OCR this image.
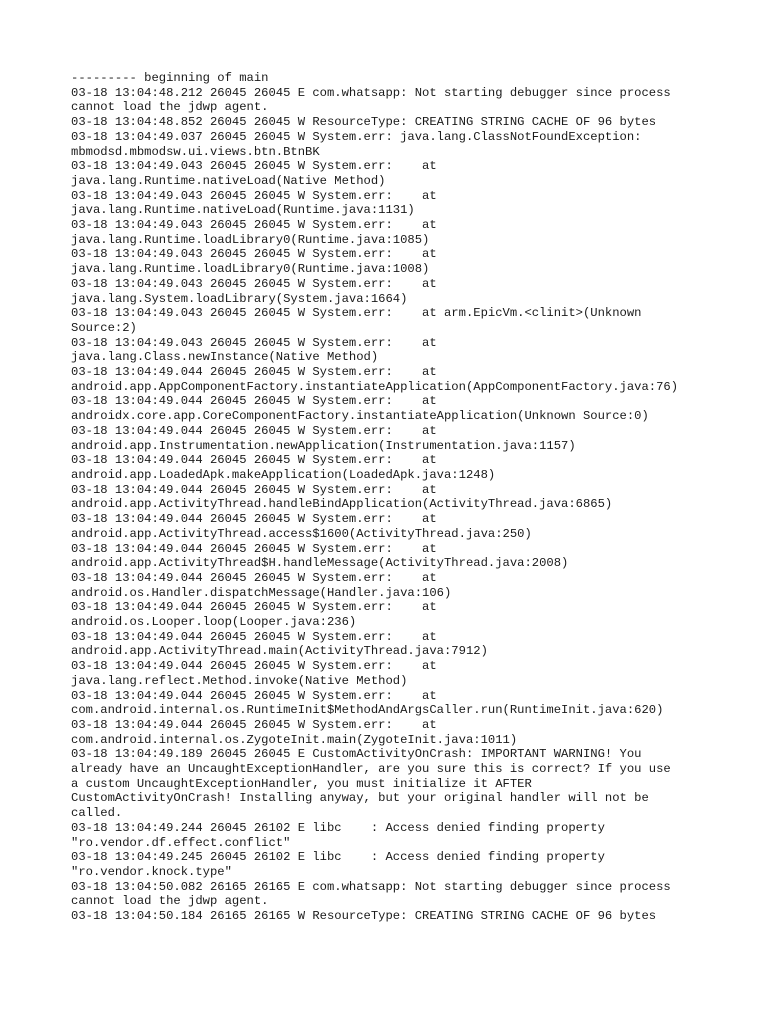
--------- beginning of main

03-18 13:04:48.212 26045 26045 E com.whatsapp: Not starting debugger since process

cannot load the jdwp agent.

03-18 13:04:48.852 26045 26045 W ResourceType: CREATING STRING CACHE OF 96 bytes

03-18 13:04:49.037 26045 26045 W System.err: java.lang.ClassNotFoundException:

mbmodsd.mbmodsw.ui.views.btn.BtnBK

03-18 13:04:49.043 26045 26045 W System.err:    at

java.lang.Runtime.nativeLoad(Native Method)

03-18 13:04:49.043 26045 26045 W System.err:    at

java.lang.Runtime.nativeLoad(Runtime.java:1131)

03-18 13:04:49.043 26045 26045 W System.err:    at

java.lang.Runtime.loadLibrary0(Runtime.java:1085)

03-18 13:04:49.043 26045 26045 W System.err:    at

java.lang.Runtime.loadLibrary0(Runtime.java:1008)

03-18 13:04:49.043 26045 26045 W System.err:    at

java.lang.System.loadLibrary(System.java:1664)

03-18 13:04:49.043 26045 26045 W System.err:    at arm.EpicVm.<clinit>(Unknown

Source:2)

03-18 13:04:49.043 26045 26045 W System.err:    at

java.lang.Class.newInstance(Native Method)

03-18 13:04:49.044 26045 26045 W System.err:    at

android.app.AppComponentFactory.instantiateApplication(AppComponentFactory.java:76)

03-18 13:04:49.044 26045 26045 W System.err:    at

androidx.core.app.CoreComponentFactory.instantiateApplication(Unknown Source:0)

03-18 13:04:49.044 26045 26045 W System.err:    at

android.app.Instrumentation.newApplication(Instrumentation.java:1157)

03-18 13:04:49.044 26045 26045 W System.err:    at

android.app.LoadedApk.makeApplication(LoadedApk.java:1248)

03-18 13:04:49.044 26045 26045 W System.err:    at

android.app.ActivityThread.handleBindApplication(ActivityThread.java:6865)

03-18 13:04:49.044 26045 26045 W System.err:    at

android.app.ActivityThread.access$1600(ActivityThread.java:250)

03-18 13:04:49.044 26045 26045 W System.err:    at

android.app.ActivityThread$H.handleMessage(ActivityThread.java:2008)

03-18 13:04:49.044 26045 26045 W System.err:    at

android.os.Handler.dispatchMessage(Handler.java:106)

03-18 13:04:49.044 26045 26045 W System.err:    at

android.os.Looper.loop(Looper.java:236)

03-18 13:04:49.044 26045 26045 W System.err:    at

android.app.ActivityThread.main(ActivityThread.java:7912)

03-18 13:04:49.044 26045 26045 W System.err:    at

java.lang.reflect.Method.invoke(Native Method)

03-18 13:04:49.044 26045 26045 W System.err:    at

com.android.internal.os.RuntimeInit$MethodAndArgsCaller.run(RuntimeInit.java:620)

03-18 13:04:49.044 26045 26045 W System.err:    at

com.android.internal.os.ZygoteInit.main(ZygoteInit.java:1011)

03-18 13:04:49.189 26045 26045 E CustomActivityOnCrash: IMPORTANT WARNING! You

already have an UncaughtExceptionHandler, are you sure this is correct? If you use

a custom UncaughtExceptionHandler, you must initialize it AFTER

CustomActivityOnCrash! Installing anyway, but your original handler will not be

called.

03-18 13:04:49.244 26045 26102 E libc    : Access denied finding property

"ro.vendor.df.effect.conflict"

03-18 13:04:49.245 26045 26102 E libc    : Access denied finding property

"ro.vendor.knock.type"

03-18 13:04:50.082 26165 26165 E com.whatsapp: Not starting debugger since process

cannot load the jdwp agent.

03-18 13:04:50.184 26165 26165 W ResourceType: CREATING STRING CACHE OF 96 bytes
